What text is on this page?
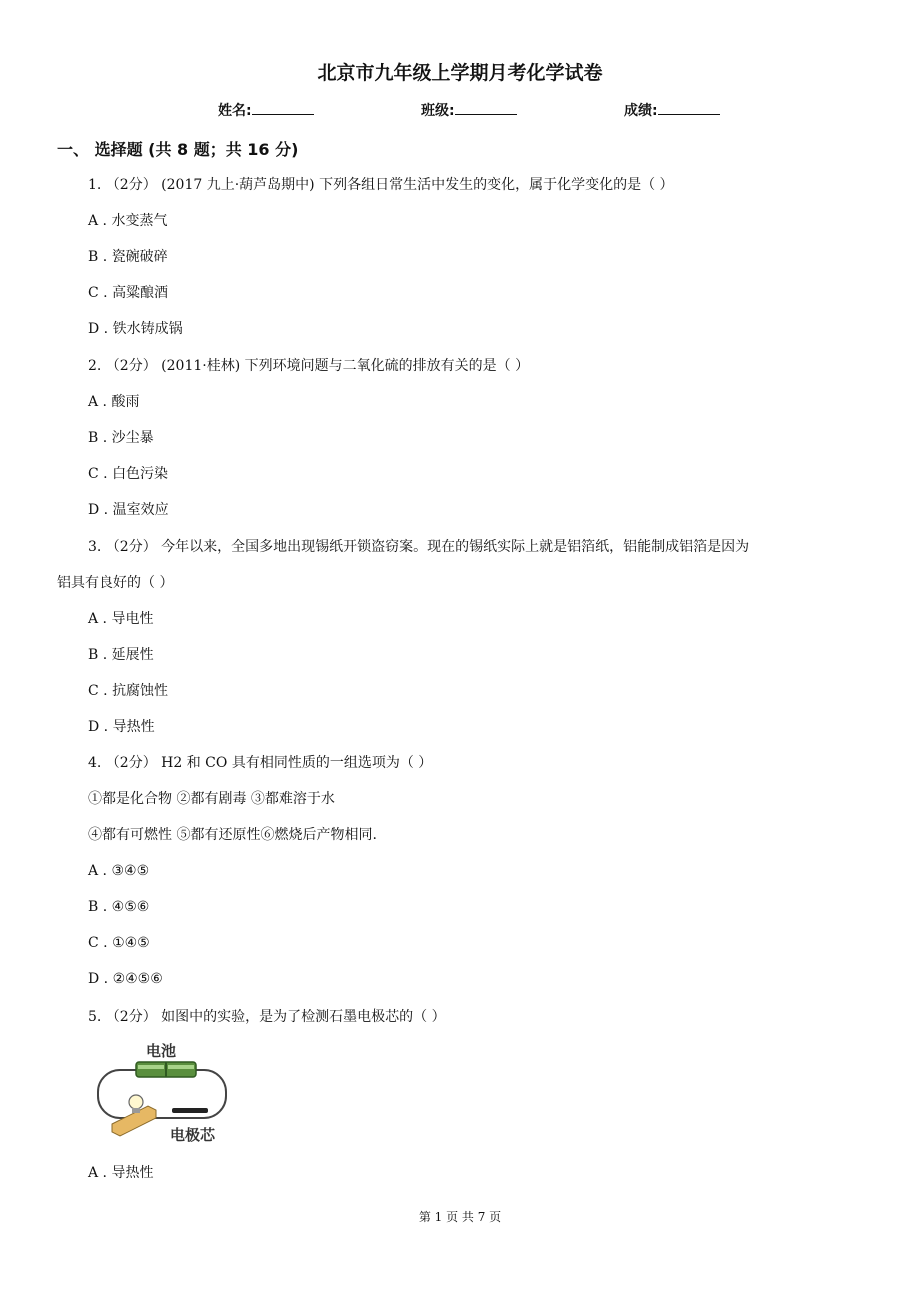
北京市九年级上学期月考化学试卷
姓名:	班级:	成绩:
一、 选择题 (共 8 题；共 16 分)
1. （2分） (2017 九上·葫芦岛期中) 下列各组日常生活中发生的变化，属于化学变化的是（ ）
A . 水变蒸气
B . 瓷碗破碎
C . 高粱酿酒
D . 铁水铸成锅
2. （2分） (2011·桂林) 下列环境问题与二氧化硫的排放有关的是（ ）
A . 酸雨
B . 沙尘暴
C . 白色污染
D . 温室效应
3. （2分） 今年以来，全国多地出现锡纸开锁盗窃案。现在的锡纸实际上就是铝箔纸，铝能制成铝箔是因为
铝具有良好的（ ）
A . 导电性
B . 延展性
C . 抗腐蚀性
D . 导热性
4. （2分） H2 和 CO 具有相同性质的一组选项为（ ）
①都是化合物 ②都有剧毒 ③都难溶于水
④都有可燃性 ⑤都有还原性⑥燃烧后产物相同.
A . ③④⑤
B . ④⑤⑥
C . ①④⑤
D . ②④⑤⑥
5. （2分） 如图中的实验，是为了检测石墨电极芯的（ ）
电池
电极芯
A . 导热性
第 1 页 共 7 页
